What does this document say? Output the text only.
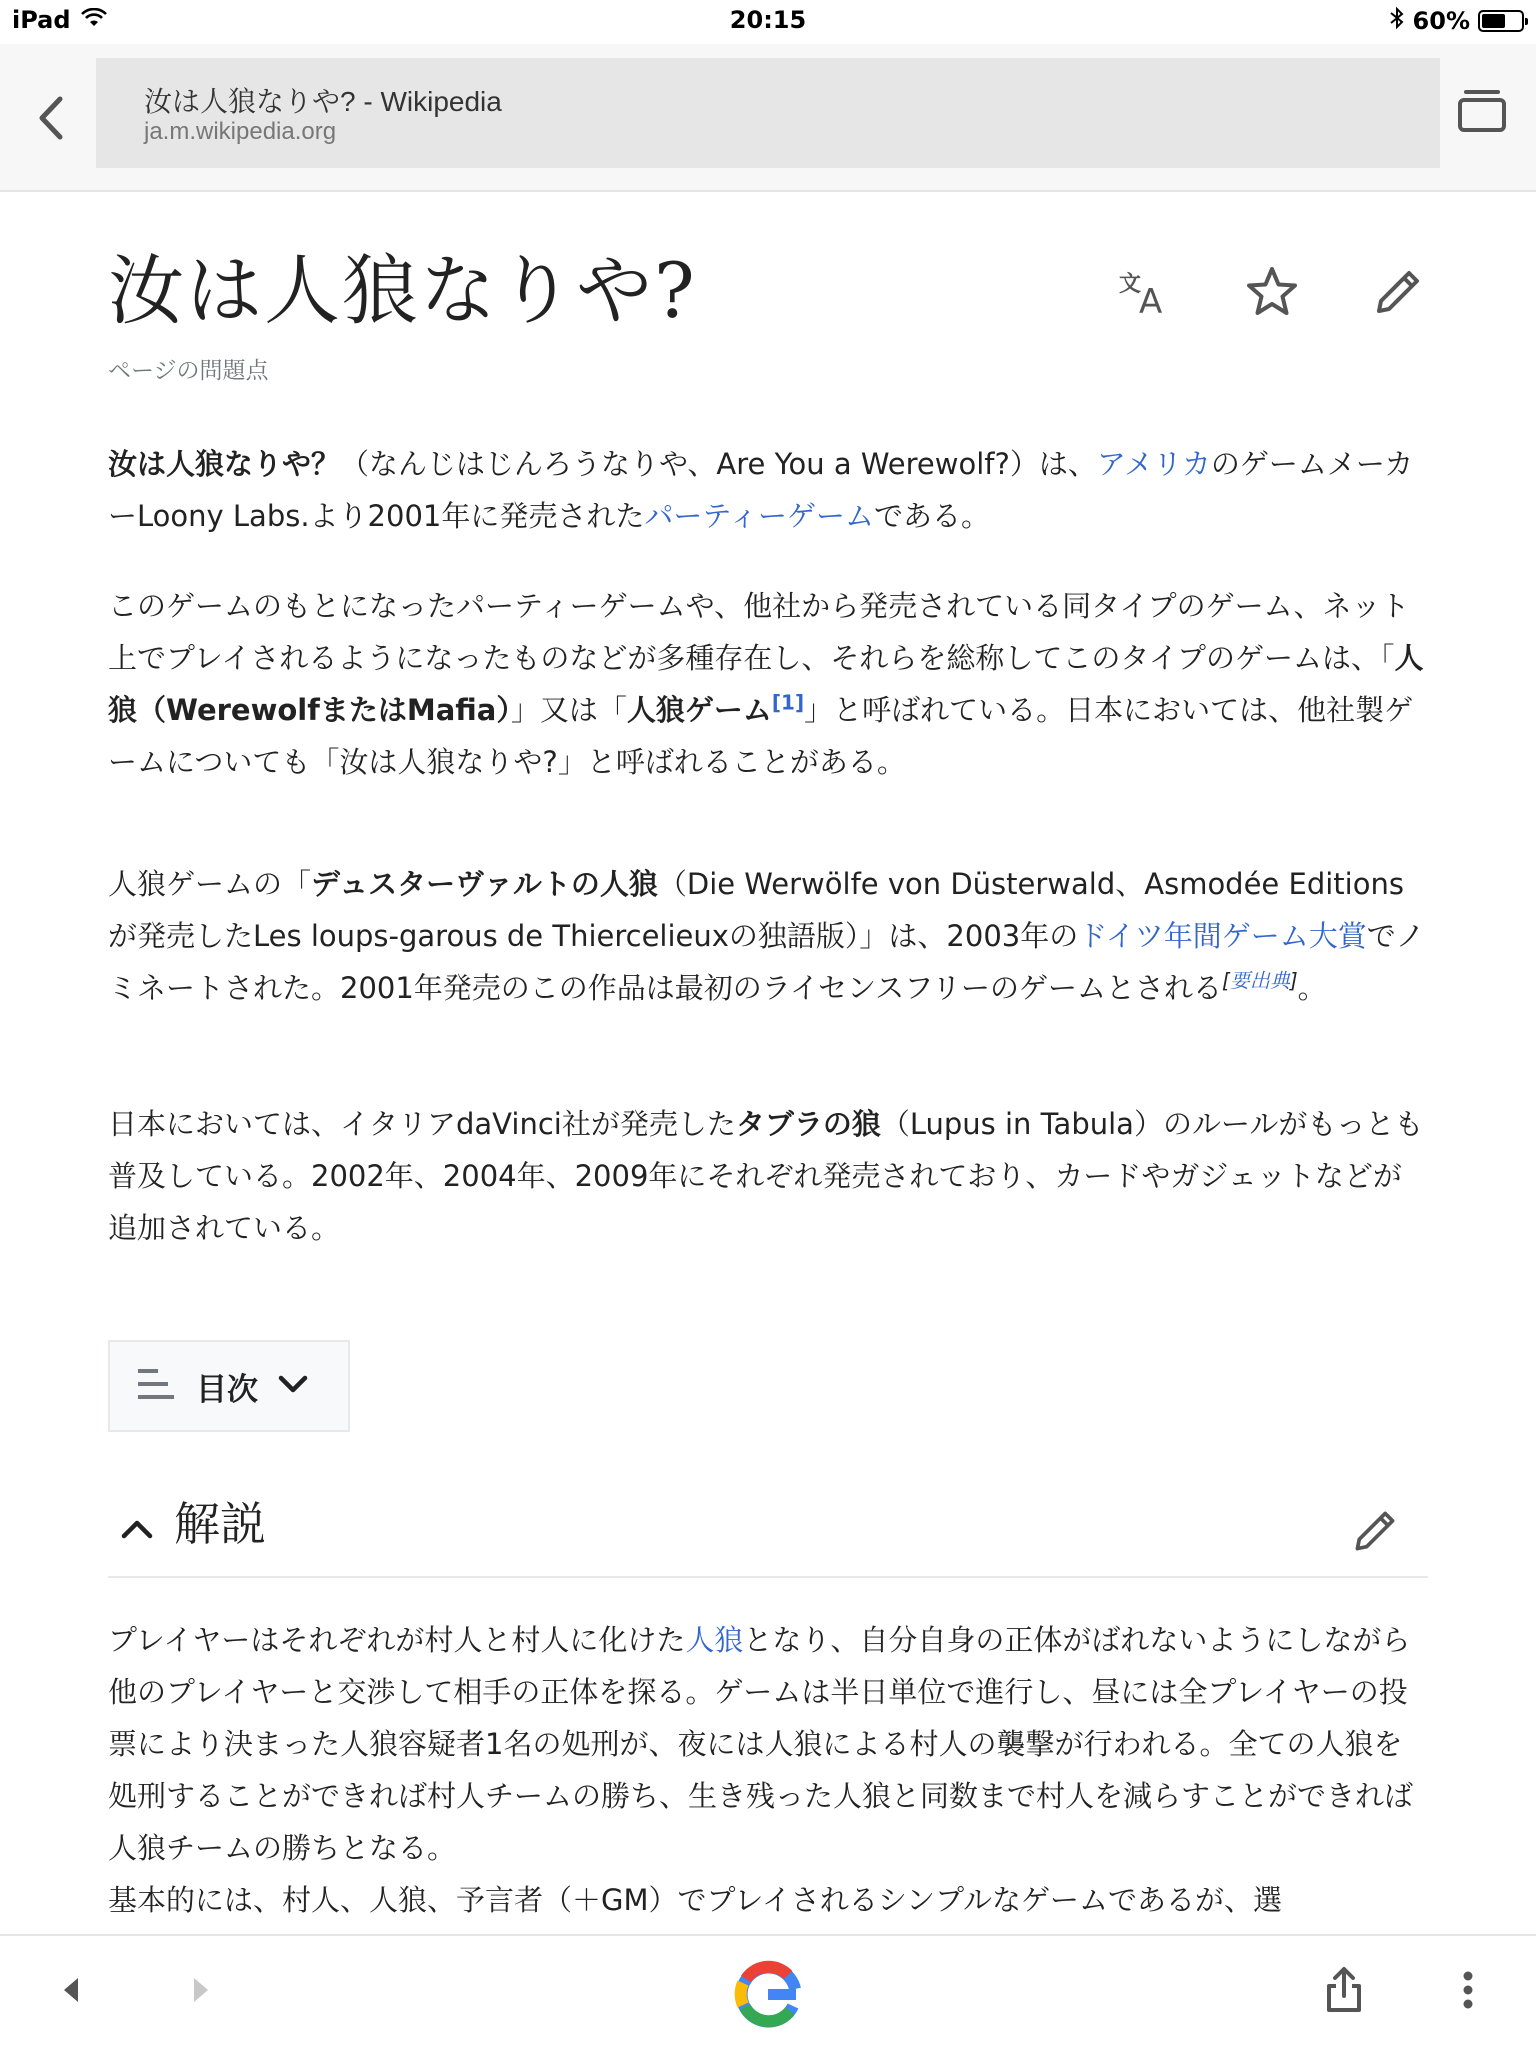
iPad	20:15	60%
汝は人狼なりや? - Wikipedia
ja.m.wikipedia.org
汝は人狼なりや?	文
A
ページの問題点

汝は人狼なりや？（なんじはじんろうなりや、Are You a Werewolf?）は、アメリカのゲームメーカーLoony Labs.より2001年に発売されたパーティーゲームである。

このゲームのもとになったパーティーゲームや、他社から発売されている同タイプのゲーム、ネット上でプレイされるようになったものなどが多種存在し、それらを総称してこのタイプのゲームは、「人狼（WerewolfまたはMafia）」又は「人狼ゲーム[1]」と呼ばれている。日本においては、他社製ゲームについても「汝は人狼なりや?」と呼ばれることがある。

人狼ゲームの「デュスターヴァルトの人狼（Die Werwölfe von Düsterwald、Asmodée Editionsが発売したLes loups-garous de Thiercelieuxの独語版）」は、2003年のドイツ年間ゲーム大賞でノミネートされた。2001年発売のこの作品は最初のライセンスフリーのゲームとされる[要出典]。

日本においては、イタリアdaVinci社が発売したタブラの狼（Lupus in Tabula）のルールがもっとも普及している。2002年、2004年、2009年にそれぞれ発売されており、カードやガジェットなどが追加されている。

目次
解説

プレイヤーはそれぞれが村人と村人に化けた人狼となり、自分自身の正体がばれないようにしながら他のプレイヤーと交渉して相手の正体を探る。ゲームは半日単位で進行し、昼には全プレイヤーの投票により決まった人狼容疑者1名の処刑が、夜には人狼による村人の襲撃が行われる。全ての人狼を処刑することができれば村人チームの勝ち、生き残った人狼と同数まで村人を減らすことができれば人狼チームの勝ちとなる。

基本的には、村人、人狼、予言者（＋GM）でプレイされるシンプルなゲームであるが、選
